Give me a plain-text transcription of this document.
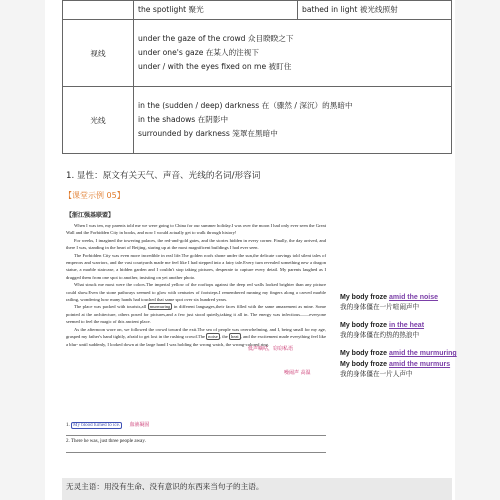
	the spotlight 聚光	bathed in light 被光线照射
视线	under the gaze of the crowd 众目睽睽之下
under one's gaze 在某人的注视下
under / with the eyes fixed on me 被盯住	

光线	in the (sudden / deep) darkness 在（骤然 / 深沉）的黑暗中
in the shadows 在阴影中
surrounded by darkness 笼罩在黑暗中	
1. 显性：原文有关天气、声音、光线的名词/形容词
【课堂示例 05】
【浙江强基联盟】

When I was ten, my parents told me we were going to China for our summer holiday.I was over the moon I had only ever seen the Great Wall and the Forbidden City in books, and now I would actually get to walk through history!

For weeks, I imagined the towering palaces, the red-and-gold gates, and the stories hidden in every corner. Finally, the day arrived, and there I was, standing in the heart of Beijing, staring up at the most magnificent buildings I had ever seen.

The Forbidden City was even more incredible in real life.The golden roofs shone under the sun,the delicate carvings told silent tales of emperors and warriors, and the vast courtyards made me feel like I had stepped into a fairy tale.Every turn revealed something new a dragon statue, a marble staircase, a hidden garden and I couldn't stop taking pictures, desperate to capture every detail. My parents laughed as I dragged them from one spot to another, insisting on yet another photo.

What struck me most were the colors.The imperial yellow of the rooftops against the deep red walls looked brighter than any picture could show.Even the stone pathways seemed to glow with centuries of footsteps.I remembered running my fingers along a carved marble railing, wondering how many hands had touched that same spot over six hundred years.

The place was packed with tourists,all murmuring in different languages,their faces filled with the same amazement as mine. Some pointed at the architecture, others posed for pictures,and a few just stood quietly,taking it all in. The energy was infectious——everyone seemed to feel the magic of this ancient place.

As the afternoon wore on, we followed the crowd toward the exit.The sea of people was overwhelming, and I, being small for my age, grasped my father's hand tightly, afraid to get lost in the rushing crowd.The noise , the heat , and the excitement made everything feel like a blur- until suddenly, I looked down at the large hand I was holding the wrong watch, the wrong-colored ring.

低声嘀咕，窃窃私语
噪闹声 高温
My body froze amid the noise
我的身体僵在一片喧闹声中
My body froze in the heat
我的身体僵在灼热的热浪中
My body froze amid the murmuring
My body froze amid the murmurs
我的身体僵在一片人声中
1. My blood turned to ice. 血液凝固
2. There he was, just three people away.
无灵主语：用没有生命、没有意识的东西来当句子的主语。
